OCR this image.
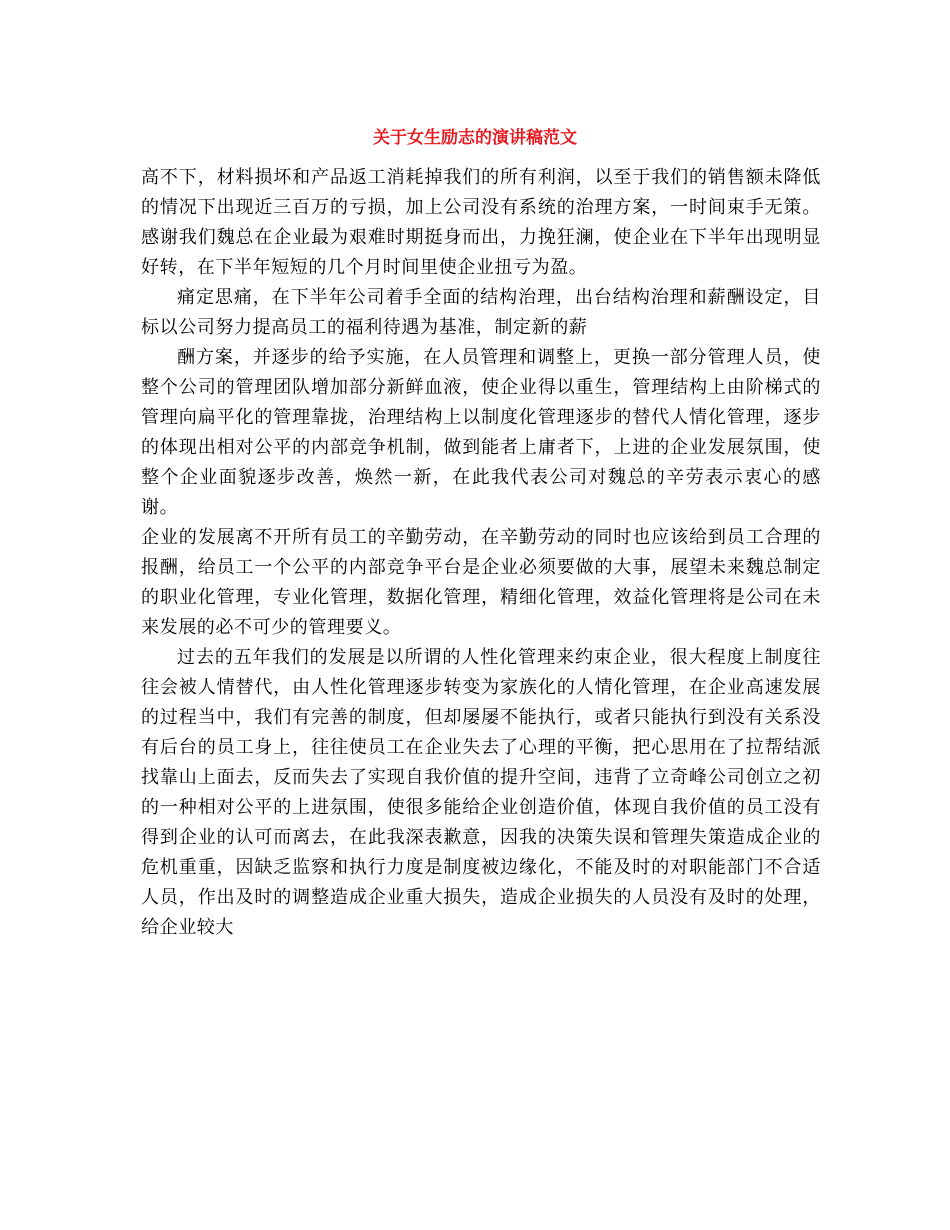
关于女生励志的演讲稿范文

高不下，材料损坏和产品返工消耗掉我们的所有利润，以至于我们的销售额未降低的情况下出现近三百万的亏损，加上公司没有系统的治理方案，一时间束手无策。感谢我们魏总在企业最为艰难时期挺身而出，力挽狂澜，使企业在下半年出现明显好转，在下半年短短的几个月时间里使企业扭亏为盈。

痛定思痛，在下半年公司着手全面的结构治理，出台结构治理和薪酬设定，目标以公司努力提高员工的福利待遇为基准，制定新的薪

酬方案，并逐步的给予实施，在人员管理和调整上，更换一部分管理人员，使整个公司的管理团队增加部分新鲜血液，使企业得以重生，管理结构上由阶梯式的管理向扁平化的管理靠拢，治理结构上以制度化管理逐步的替代人情化管理，逐步的体现出相对公平的内部竞争机制，做到能者上庸者下，上进的企业发展氛围，使整个企业面貌逐步改善，焕然一新，在此我代表公司对魏总的辛劳表示衷心的感谢。

企业的发展离不开所有员工的辛勤劳动，在辛勤劳动的同时也应该给到员工合理的报酬，给员工一个公平的内部竞争平台是企业必须要做的大事，展望未来魏总制定的职业化管理，专业化管理，数据化管理，精细化管理，效益化管理将是公司在未来发展的必不可少的管理要义。

过去的五年我们的发展是以所谓的人性化管理来约束企业，很大程度上制度往往会被人情替代，由人性化管理逐步转变为家族化的人情化管理，在企业高速发展的过程当中，我们有完善的制度，但却屡屡不能执行，或者只能执行到没有关系没有后台的员工身上，往往使员工在企业失去了心理的平衡，把心思用在了拉帮结派找靠山上面去，反而失去了实现自我价值的提升空间，违背了立奇峰公司创立之初的一种相对公平的上进氛围，使很多能给企业创造价值，体现自我价值的员工没有得到企业的认可而离去，在此我深表歉意，因我的决策失误和管理失策造成企业的危机重重，因缺乏监察和执行力度是制度被边缘化，不能及时的对职能部门不合适人员，作出及时的调整造成企业重大损失，造成企业损失的人员没有及时的处理，给企业较大
